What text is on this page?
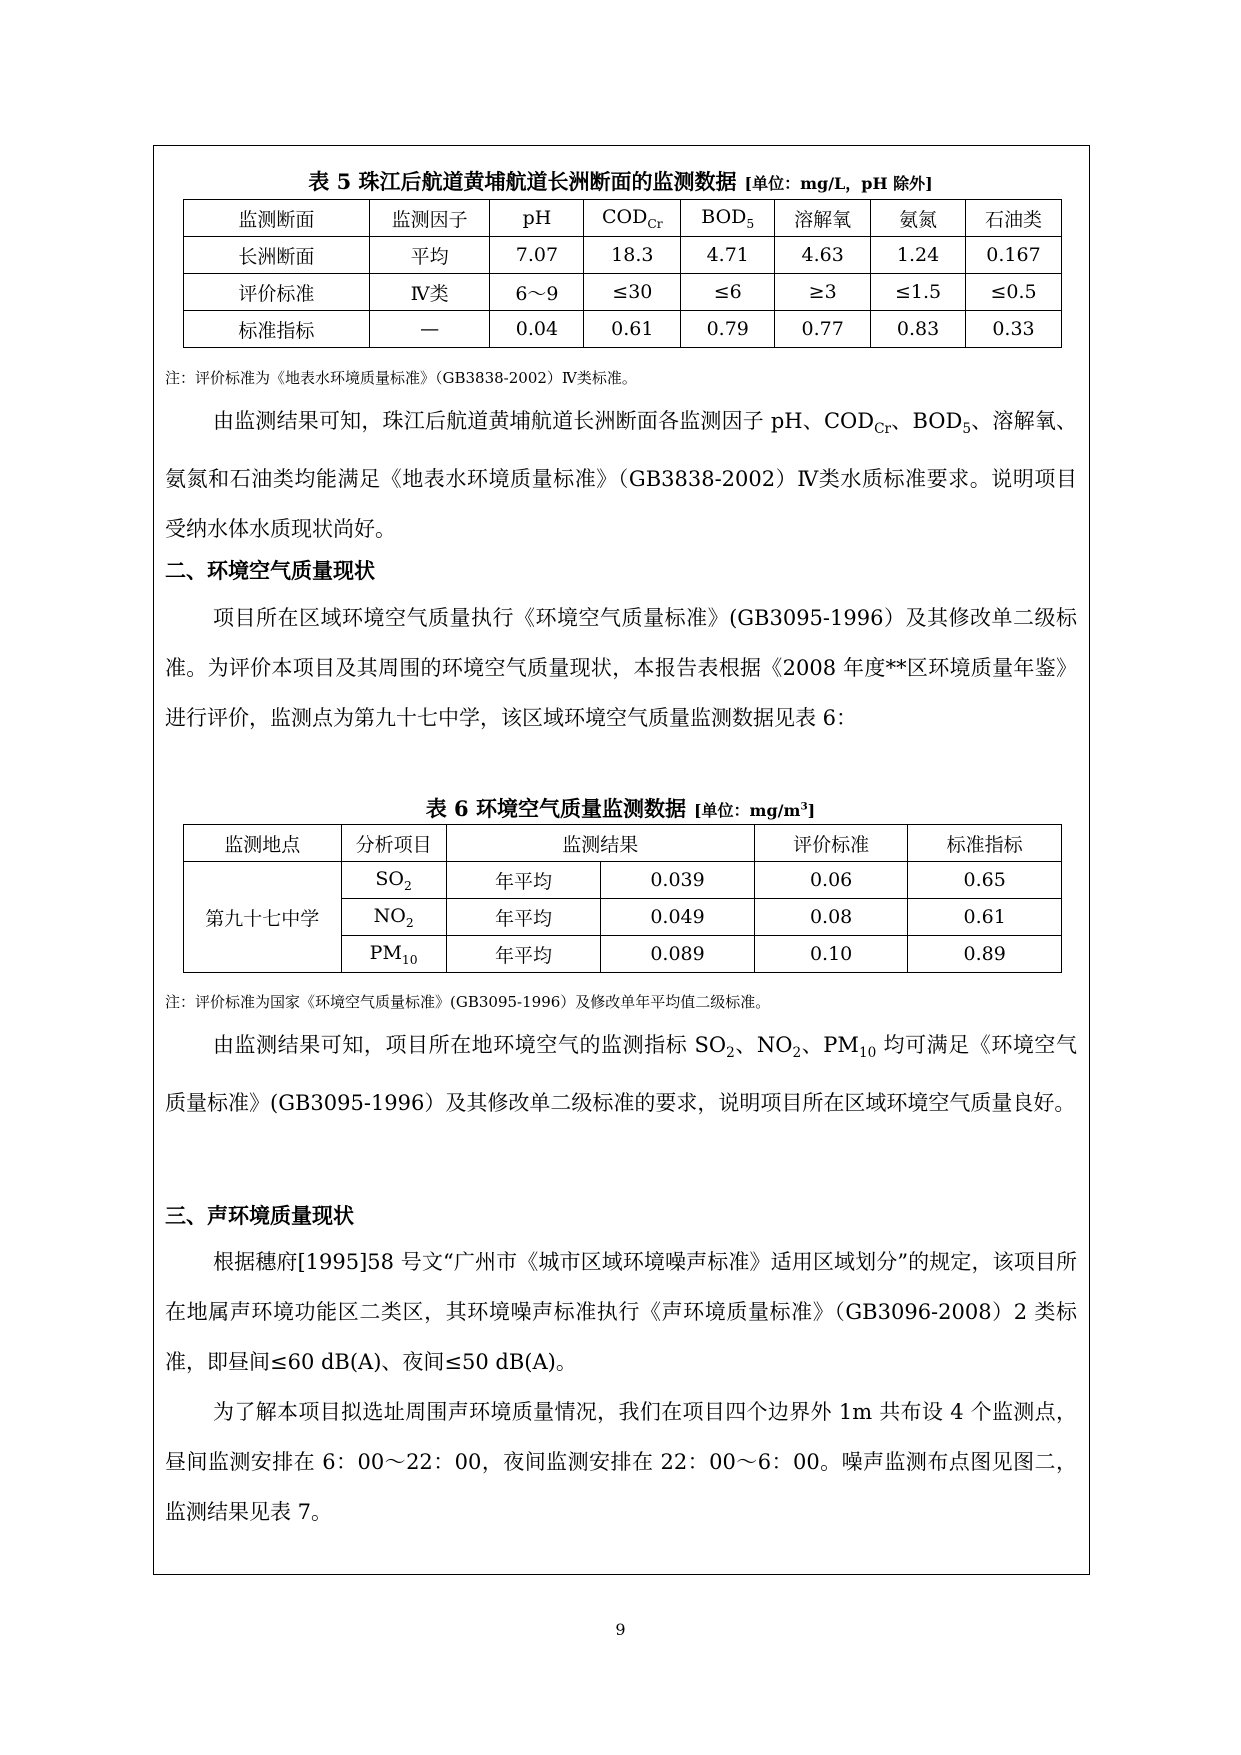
表 5 珠江后航道黄埔航道长洲断面的监测数据 [单位：mg/L，pH 除外]
监测断面	监测因子	pH	$COD_{Cr}$	$BOD_5$	溶解氧	氨氮	石油类
长洲断面	平均	7.07	18.3	4.71	4.63	1.24	0.167
评价标准	Ⅳ类	6～9	≤30	≤6	≥3	≤1.5	≤0.5
标准指标	—	0.04	0.61	0.79	0.77	0.83	0.33
注：评价标准为《地表水环境质量标准》（GB3838-2002）Ⅳ类标准。
由监测结果可知，珠江后航道黄埔航道长洲断面各监测因子 pH、$COD_{Cr}$、$BOD_5$、溶解氧、氨氮和石油类均能满足《地表水环境质量标准》（GB3838-2002）Ⅳ类水质标准要求。说明项目受纳水体水质现状尚好。
二、环境空气质量现状
项目所在区域环境空气质量执行《环境空气质量标准》(GB3095-1996）及其修改单二级标准。为评价本项目及其周围的环境空气质量现状，本报告表根据《2008 年度**区环境质量年鉴》进行评价，监测点为第九十七中学，该区域环境空气质量监测数据见表 6：
表 6 环境空气质量监测数据 [单位：$mg/m^3$]
监测地点	分析项目	监测结果		评价标准	标准指标
第九十七中学	$SO_2$	年平均	0.039	0.06	0.65
	$NO_2$	年平均	0.049	0.08	0.61
	$PM_{10}$	年平均	0.089	0.10	0.89
注：评价标准为国家《环境空气质量标准》(GB3095-1996）及修改单年平均值二级标准。
由监测结果可知，项目所在地环境空气的监测指标 $SO_2$、$NO_2$、$PM_{10}$ 均可满足《环境空气质量标准》(GB3095-1996）及其修改单二级标准的要求，说明项目所在区域环境空气质量良好。
三、声环境质量现状
根据穗府[1995]58 号文“广州市《城市区域环境噪声标准》适用区域划分”的规定，该项目所在地属声环境功能区二类区，其环境噪声标准执行《声环境质量标准》（GB3096-2008）2 类标准，即昼间≤60 dB(A)、夜间≤50 dB(A)。
为了解本项目拟选址周围声环境质量情况，我们在项目四个边界外 1m 共布设 4 个监测点，昼间监测安排在 6：00～22：00，夜间监测安排在 22：00～6：00。噪声监测布点图见图二，监测结果见表 7。
9
